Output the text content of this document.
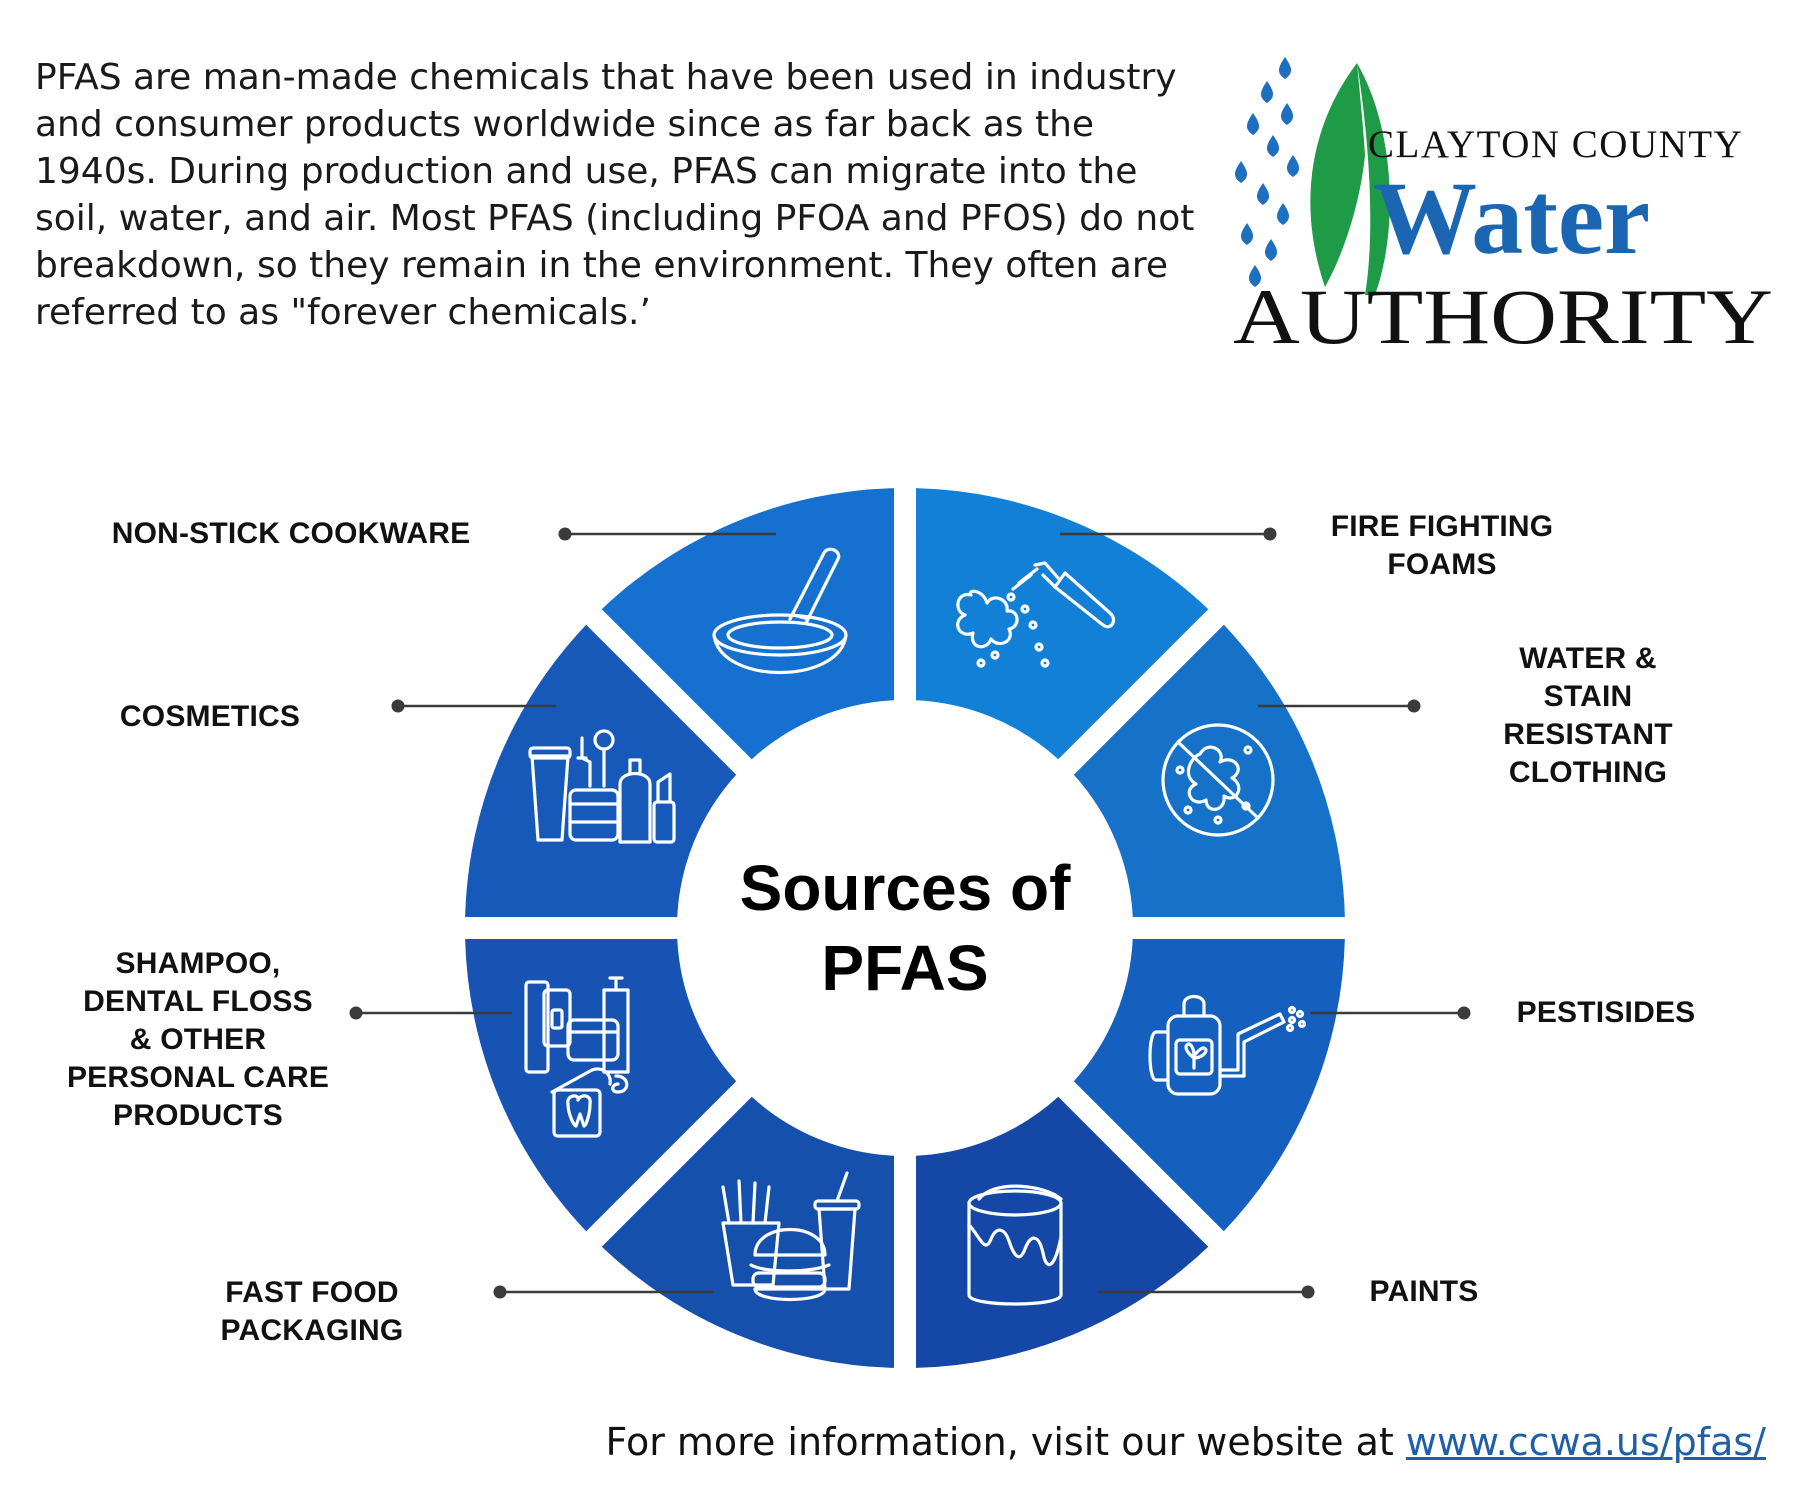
PFAS are man-made chemicals that have been used in industry and consumer products worldwide since as far back as the 1940s. During production and use, PFAS can migrate into the soil, water, and air. Most PFAS (including PFOA and PFOS) do not breakdown, so they remain in the environment. They often are referred to as "forever chemicals.’

CLAYTON COUNTY
Water
AUTHORITY
Sources of
PFAS
FIRE FIGHTING
FOAMS
WATER & STAIN
RESISTANT
CLOTHING
PESTISIDES
PAINTS
FAST FOOD
PACKAGING
SHAMPOO,
DENTAL FLOSS
& OTHER
PERSONAL CARE
PRODUCTS
COSMETICS
NON-STICK COOKWARE
For more information, visit our website at www.ccwa.us/pfas/
